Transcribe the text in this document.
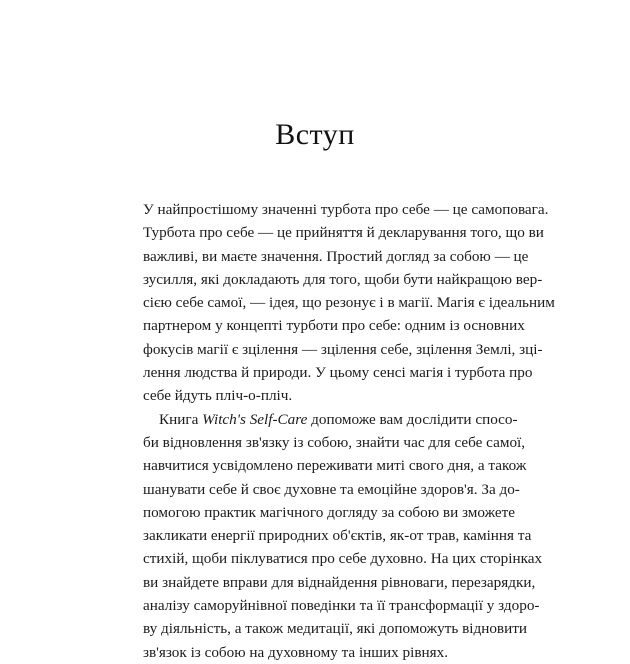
Вступ
У найпростішому значенні турбота про себе — це самоповага.
Турбота про себе — це прийняття й декларування того, що ви
важливі, ви маєте значення. Простий догляд за собою — це
зусилля, які докладають для того, щоби бути найкращою вер-
сією себе самої, — ідея, що резонує і в магії. Магія є ідеальним
партнером у концепті турботи про себе: одним із основних
фокусів магії є зцілення — зцілення себе, зцілення Землі, зці-
лення людства й природи. У цьому сенсі магія і турбота про
себе йдуть пліч-о-пліч.
Книга Witch's Self-Care допоможе вам дослідити спосо-
би відновлення зв'язку із собою, знайти час для себе самої,
навчитися усвідомлено переживати миті свого дня, а також
шанувати себе й своє духовне та емоційне здоров'я. За до-
помогою практик магічного догляду за собою ви зможете
закликати енергії природних об'єктів, як-от трав, каміння та
стихій, щоби піклуватися про себе духовно. На цих сторінках
ви знайдете вправи для віднайдення рівноваги, перезарядки,
аналізу саморуйнівної поведінки та її трансформації у здоро-
ву діяльність, а також медитації, які допоможуть відновити
зв'язок із собою на духовному та інших рівнях.
